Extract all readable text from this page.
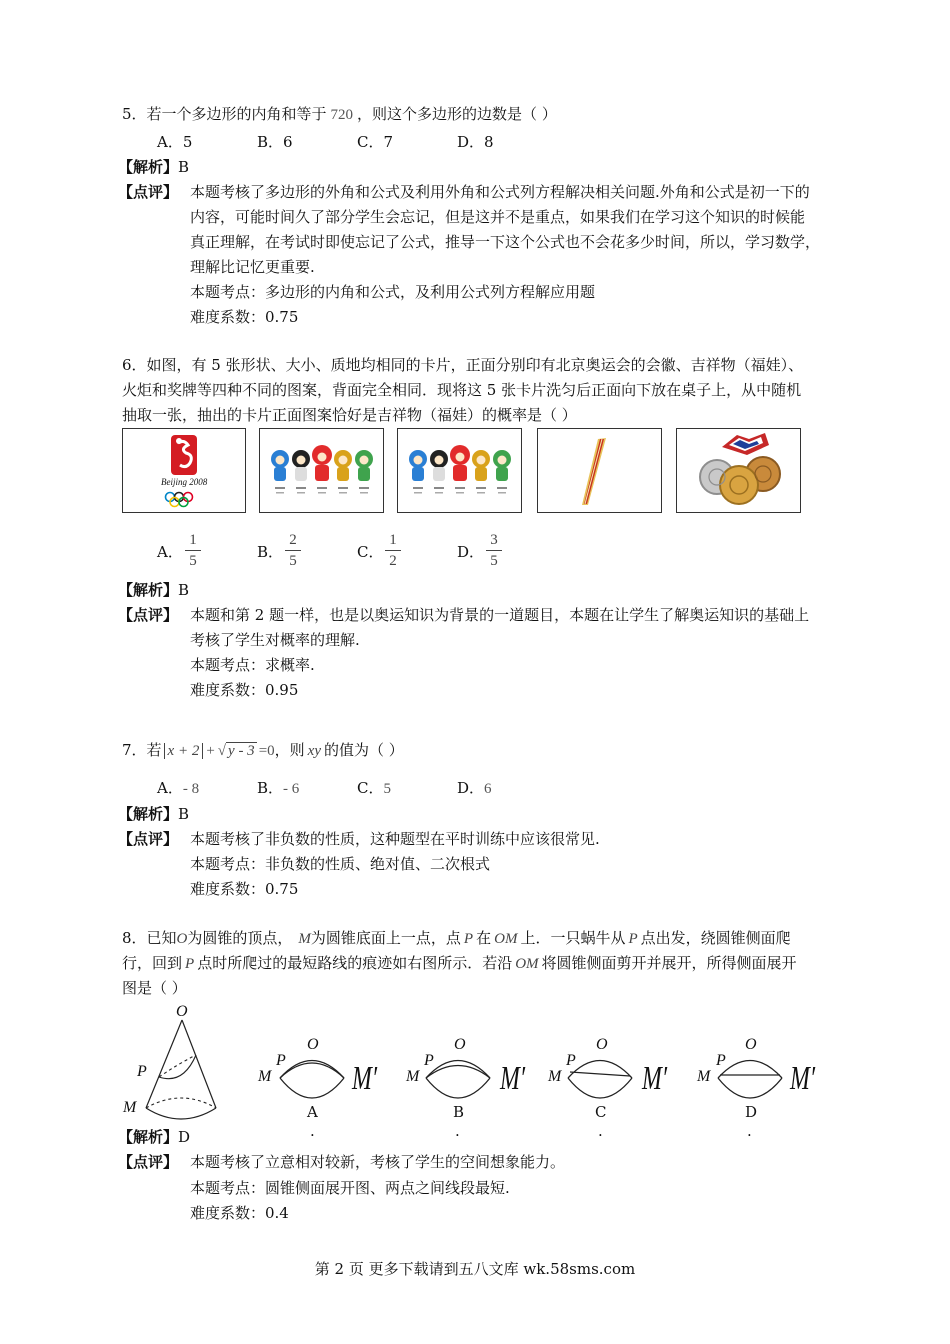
5．若一个多边形的内角和等于 720 ，则这个多边形的边数是（ ）
A．5	B．6	C．7	D．8
【解析】B
【点评】 本题考核了多边形的外角和公式及利用外角和公式列方程解决相关问题.外角和公式是初一下的
内容，可能时间久了部分学生会忘记，但是这并不是重点，如果我们在学习这个知识的时候能
真正理解，在考试时即使忘记了公式，推导一下这个公式也不会花多少时间，所以，学习数学，
理解比记忆更重要.
本题考点：多边形的内角和公式，及利用公式列方程解应用题
难度系数：0.75
6．如图，有 5 张形状、大小、质地均相同的卡片，正面分别印有北京奥运会的会徽、吉祥物（福娃）、
火炬和奖牌等四种不同的图案，背面完全相同．现将这 5 张卡片洗匀后正面向下放在桌子上，从中随机
抽取一张，抽出的卡片正面图案恰好是吉祥物（福娃）的概率是（ ）
Beijing 2008
A．
1
5	B．
2
5	C．
1
2	D．
3
5
【解析】B
【点评】 本题和第 2 题一样，也是以奥运知识为背景的一道题目，本题在让学生了解奥运知识的基础上
考核了学生对概率的理解.
本题考点：求概率.
难度系数：0.95
7．若 x + 2 + √ y - 3 =0，则 xy 的值为（ ）
A．- 8	B．- 6	C．5	D．6
【解析】B
【点评】 本题考核了非负数的性质，这种题型在平时训练中应该很常见.
本题考点：非负数的性质、绝对值、二次根式
难度系数：0.75
8．已知O为圆锥的顶点， M为圆锥底面上一点，点 P 在 OM 上．一只蜗牛从 P 点出发，绕圆锥侧面爬
行，回到 P 点时所爬过的最短路线的痕迹如右图所示．若沿 OM 将圆锥侧面剪开并展开，所得侧面展开
图是（ ）
O
P
M
O
P
M M′
A
.
O
P
M M′
B
.
O
P
M M′
C
.
O
P
M M′
D
.
【解析】D
【点评】 本题考核了立意相对较新，考核了学生的空间想象能力。
本题考点：圆锥侧面展开图、两点之间线段最短.
难度系数：0.4
第 2 页 更多下载请到五八文库 wk.58sms.com
